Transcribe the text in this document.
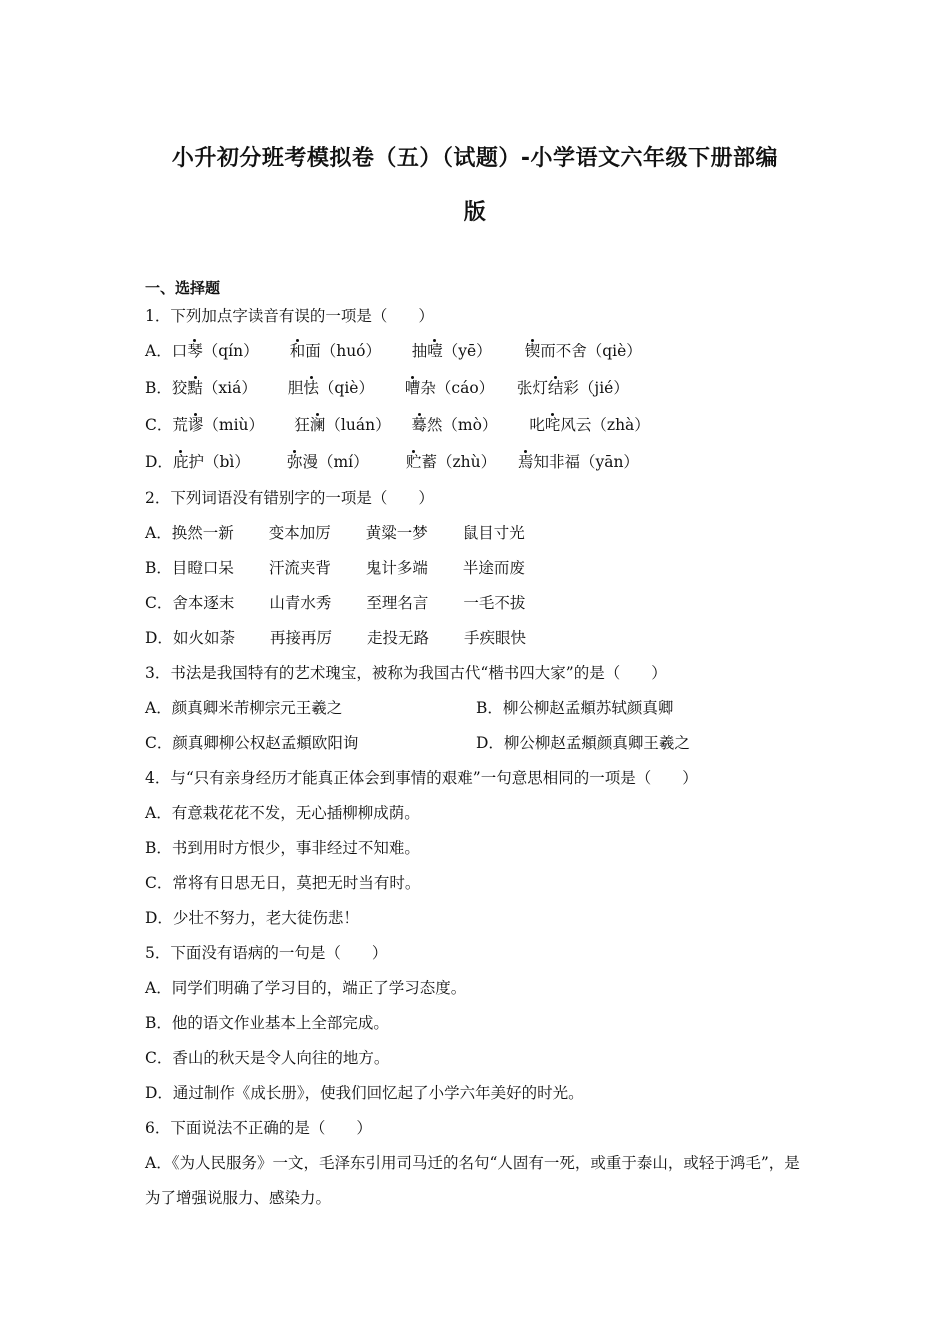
小升初分班考模拟卷（五）（试题）-小学语文六年级下册部编
版
一、选择题
1．下列加点字读音有误的一项是（　　）
A．口琴（qín） 和面（huó） 抽噎（yē） 锲而不舍（qiè）
B．狡黠（xiá） 胆怯（qiè） 嘈杂（cáo） 张灯结彩（jié）
C．荒谬（miù） 狂澜（luán） 蓦然（mò） 叱咤风云（zhà）
D．庇护（bì） 弥漫（mí） 贮蓄（zhù） 焉知非福（yān）
2．下列词语没有错别字的一项是（　　）
A．换然一新 变本加厉 黄粱一梦 鼠目寸光
B．目瞪口呆 汗流夹背 鬼计多端 半途而废
C．舍本逐末 山青水秀 至理名言 一毛不拔
D．如火如荼 再接再厉 走投无路 手疾眼快
3．书法是我国特有的艺术瑰宝，被称为我国古代“楷书四大家”的是（　　）
A．颜真卿米芾柳宗元王羲之	B．柳公柳赵孟頫苏轼颜真卿
C．颜真卿柳公权赵孟頫欧阳询	D．柳公柳赵孟頫颜真卿王羲之
4．与“只有亲身经历才能真正体会到事情的艰难”一句意思相同的一项是（　　）
A．有意栽花花不发，无心插柳柳成荫。
B．书到用时方恨少，事非经过不知难。
C．常将有日思无日，莫把无时当有时。
D．少壮不努力，老大徒伤悲！
5．下面没有语病的一句是（　　）
A．同学们明确了学习目的，端正了学习态度。
B．他的语文作业基本上全部完成。
C．香山的秋天是令人向往的地方。
D．通过制作《成长册》，使我们回忆起了小学六年美好的时光。
6．下面说法不正确的是（　　）
A．《为人民服务》一文，毛泽东引用司马迁的名句“人固有一死，或重于泰山，或轻于鸿毛”，是为了增强说服力、感染力。
